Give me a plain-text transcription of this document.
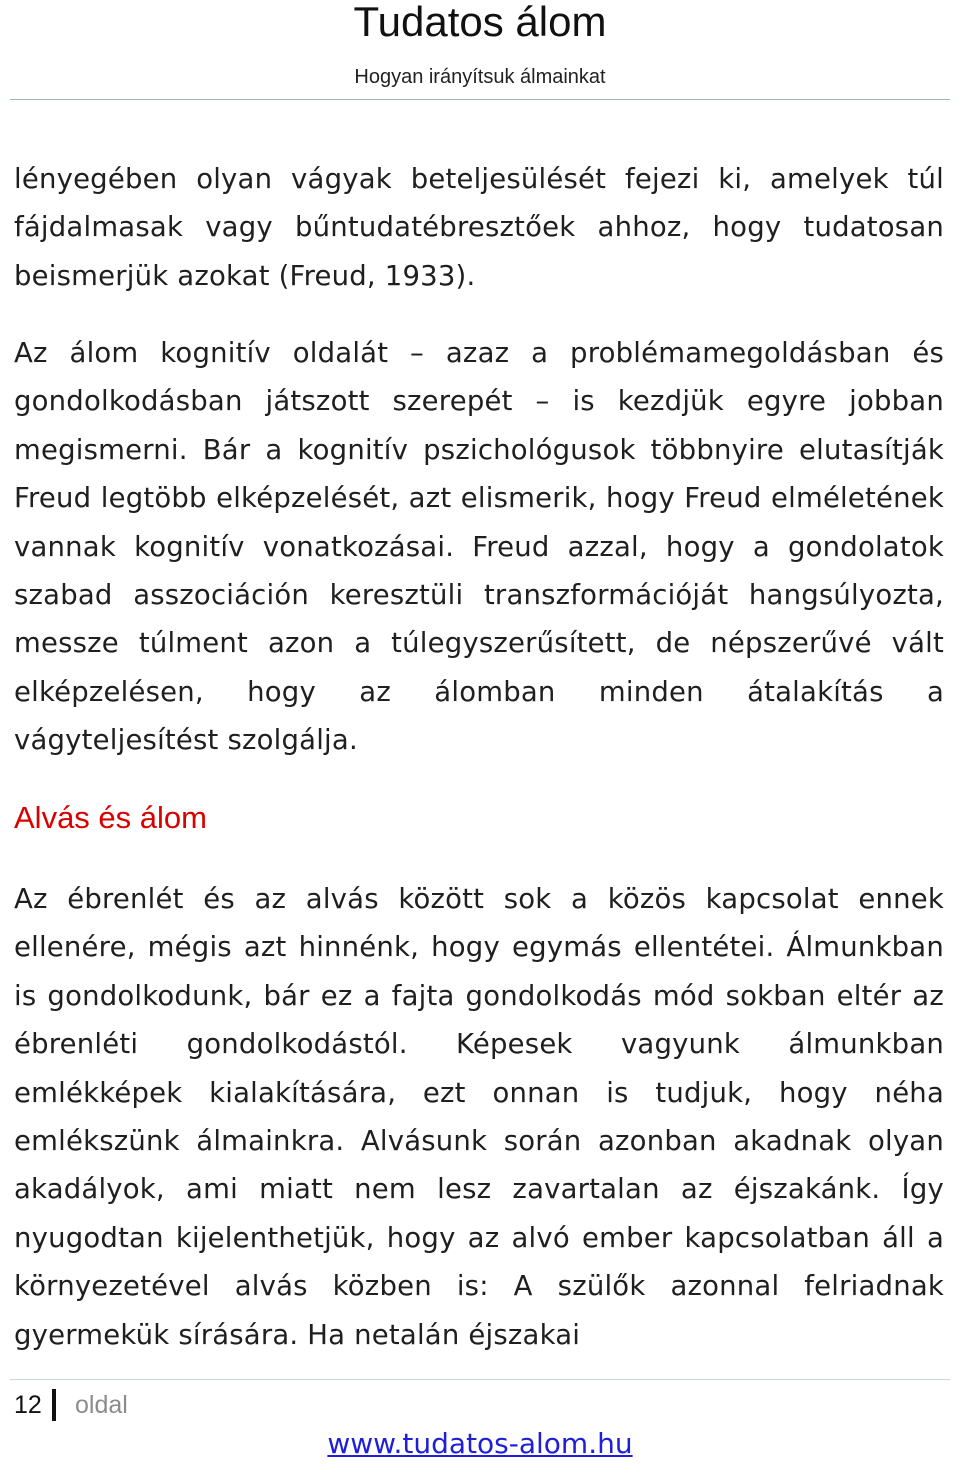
Tudatos álom
Hogyan irányítsuk álmainkat

lényegében olyan vágyak beteljesülését fejezi ki, amelyek túl fájdalmasak vagy bűntudatébresztőek ahhoz, hogy tudatosan beismerjük azokat (Freud, 1933).

Az álom kognitív oldalát – azaz a problémamegoldásban és gondolkodásban játszott szerepét – is kezdjük egyre jobban megismerni. Bár a kognitív pszichológusok többnyire elutasítják Freud legtöbb elképzelését, azt elismerik, hogy Freud elméletének vannak kognitív vonatkozásai. Freud azzal, hogy a gondolatok szabad asszociáción keresztüli transzformációját hangsúlyozta, messze túlment azon a túlegyszerűsített, de népszerűvé vált elképzelésen, hogy az álomban minden átalakítás a vágyteljesítést szolgálja.

Alvás és álom

Az ébrenlét és az alvás között sok a közös kapcsolat ennek ellenére, mégis azt hinnénk, hogy egymás ellentétei. Álmunkban is gondolkodunk, bár ez a fajta gondolkodás mód sokban eltér az ébrenléti gondolkodástól. Képesek vagyunk álmunkban emlékképek kialakítására, ezt onnan is tudjuk, hogy néha emlékszünk álmainkra. Alvásunk során azonban akadnak olyan akadályok, ami miatt nem lesz zavartalan az éjszakánk. Így nyugodtan kijelenthetjük, hogy az alvó ember kapcsolatban áll a környezetével alvás közben is: A szülők azonnal felriadnak gyermekük sírására. Ha netalán éjszakai

12 oldal
www.tudatos-alom.hu
